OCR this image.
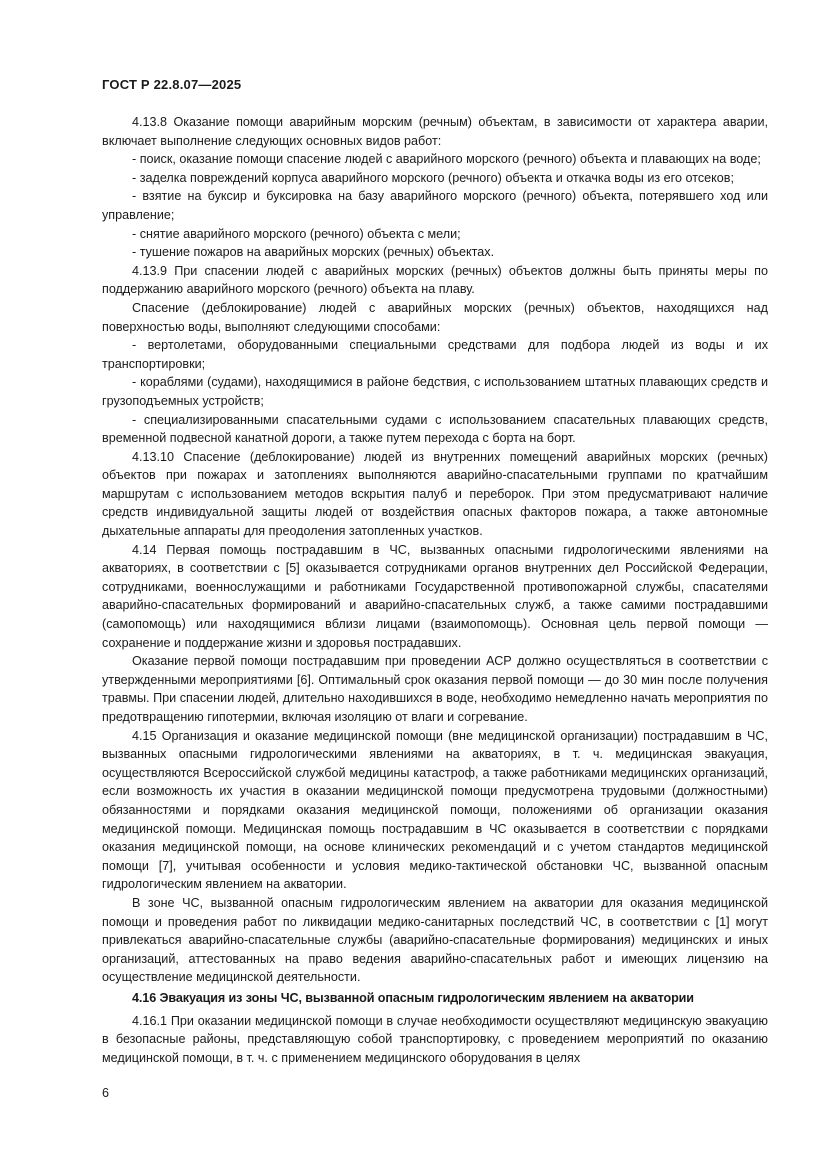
ГОСТ Р 22.8.07—2025

4.13.8 Оказание помощи аварийным морским (речным) объектам, в зависимости от характера аварии, включает выполнение следующих основных видов работ:

- поиск, оказание помощи спасение людей с аварийного морского (речного) объекта и плавающих на воде;

- заделка повреждений корпуса аварийного морского (речного) объекта и откачка воды из его отсеков;

- взятие на буксир и буксировка на базу аварийного морского (речного) объекта, потерявшего ход или управление;

- снятие аварийного морского (речного) объекта с мели;

- тушение пожаров на аварийных морских (речных) объектах.

4.13.9 При спасении людей с аварийных морских (речных) объектов должны быть приняты меры по поддержанию аварийного морского (речного) объекта на плаву.

Спасение (деблокирование) людей с аварийных морских (речных) объектов, находящихся над поверхностью воды, выполняют следующими способами:

- вертолетами, оборудованными специальными средствами для подбора людей из воды и их транспортировки;

- кораблями (судами), находящимися в районе бедствия, с использованием штатных плавающих средств и грузоподъемных устройств;

- специализированными спасательными судами с использованием спасательных плавающих средств, временной подвесной канатной дороги, а также путем перехода с борта на борт.

4.13.10 Спасение (деблокирование) людей из внутренних помещений аварийных морских (речных) объектов при пожарах и затоплениях выполняются аварийно-спасательными группами по кратчайшим маршрутам с использованием методов вскрытия палуб и переборок. При этом предусматривают наличие средств индивидуальной защиты людей от воздействия опасных факторов пожара, а также автономные дыхательные аппараты для преодоления затопленных участков.

4.14 Первая помощь пострадавшим в ЧС, вызванных опасными гидрологическими явлениями на акваториях, в соответствии с [5] оказывается сотрудниками органов внутренних дел Российской Федерации, сотрудниками, военнослужащими и работниками Государственной противопожарной службы, спасателями аварийно-спасательных формирований и аварийно-спасательных служб, а также самими пострадавшими (самопомощь) или находящимися вблизи лицами (взаимопомощь). Основная цель первой помощи — сохранение и поддержание жизни и здоровья пострадавших.

Оказание первой помощи пострадавшим при проведении АСР должно осуществляться в соответствии с утвержденными мероприятиями [6]. Оптимальный срок оказания первой помощи — до 30 мин после получения травмы. При спасении людей, длительно находившихся в воде, необходимо немедленно начать мероприятия по предотвращению гипотермии, включая изоляцию от влаги и согревание.

4.15 Организация и оказание медицинской помощи (вне медицинской организации) пострадавшим в ЧС, вызванных опасными гидрологическими явлениями на акваториях, в т. ч. медицинская эвакуация, осуществляются Всероссийской службой медицины катастроф, а также работниками медицинских организаций, если возможность их участия в оказании медицинской помощи предусмотрена трудовыми (должностными) обязанностями и порядками оказания медицинской помощи, положениями об организации оказания медицинской помощи. Медицинская помощь пострадавшим в ЧС оказывается в соответствии с порядками оказания медицинской помощи, на основе клинических рекомендаций и с учетом стандартов медицинской помощи [7], учитывая особенности и условия медико-тактической обстановки ЧС, вызванной опасным гидрологическим явлением на акватории.

В зоне ЧС, вызванной опасным гидрологическим явлением на акватории для оказания медицинской помощи и проведения работ по ликвидации медико-санитарных последствий ЧС, в соответствии с [1] могут привлекаться аварийно-спасательные службы (аварийно-спасательные формирования) медицинских и иных организаций, аттестованных на право ведения аварийно-спасательных работ и имеющих лицензию на осуществление медицинской деятельности.

4.16 Эвакуация из зоны ЧС, вызванной опасным гидрологическим явлением на акватории

4.16.1 При оказании медицинской помощи в случае необходимости осуществляют медицинскую эвакуацию в безопасные районы, представляющую собой транспортировку, с проведением мероприятий по оказанию медицинской помощи, в т. ч. с применением медицинского оборудования в целях

6
